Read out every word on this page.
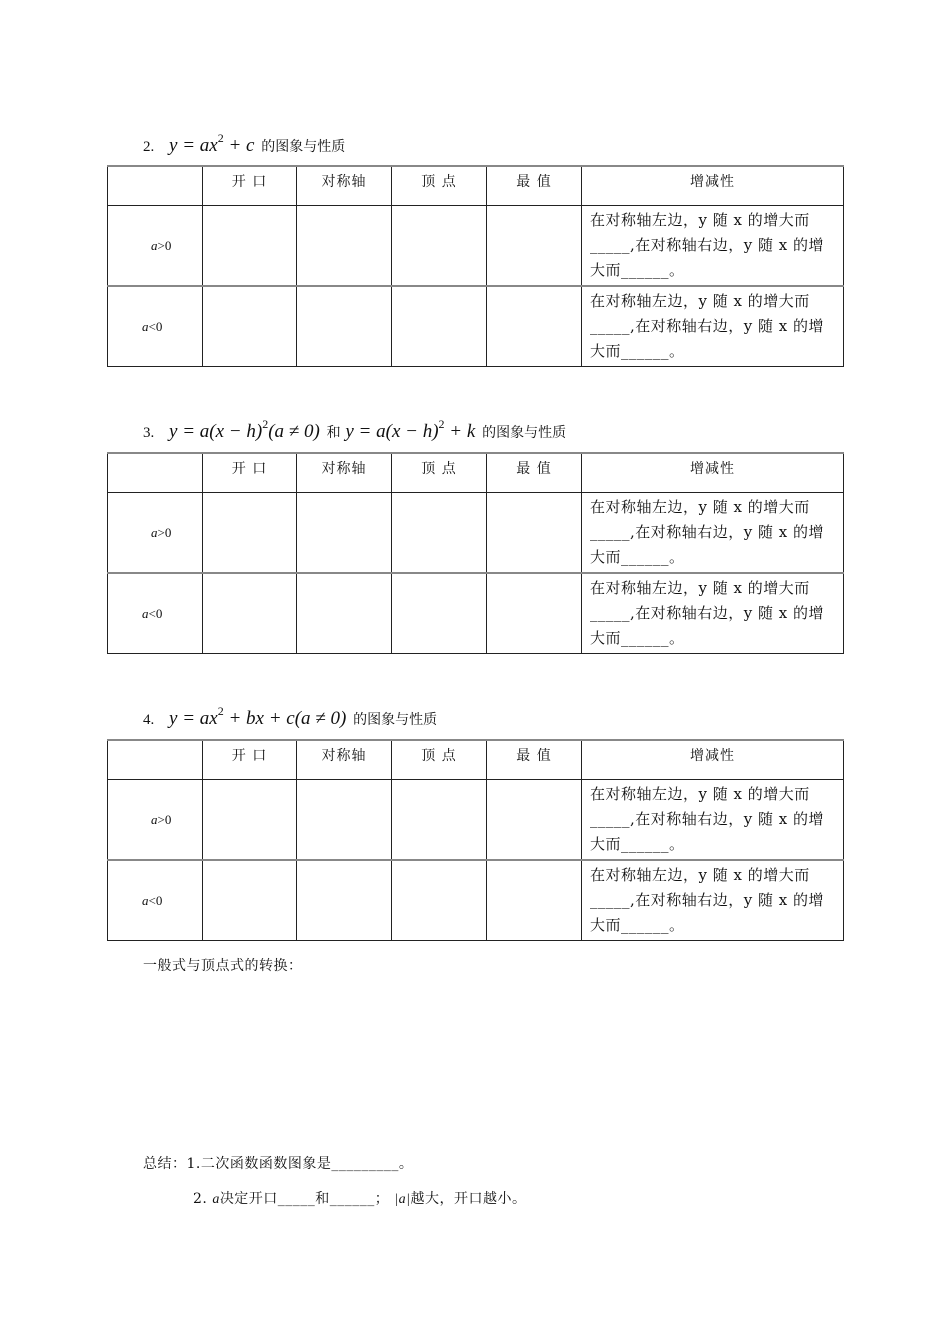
2. $y = ax^2 + c$ 的图象与性质
	开 口	对称轴	顶 点	最 值	增减性
a>0					在对称轴左边，y 随 x 的增大而
_____,在对称轴右边，y 随 x 的增
大而______。

a<0					在对称轴左边，y 随 x 的增大而
_____,在对称轴右边，y 随 x 的增
大而______。
3. $y = a(x - h)^2(a \ne 0)$ 和 $y = a(x - h)^2 + k$ 的图象与性质
	开 口	对称轴	顶 点	最 值	增减性
a>0					在对称轴左边，y 随 x 的增大而
_____,在对称轴右边，y 随 x 的增
大而______。

a<0					在对称轴左边，y 随 x 的增大而
_____,在对称轴右边，y 随 x 的增
大而______。
4. $y = ax^2$ + bx + c(a ≠ 0) 的图象与性质
	开 口	对称轴	顶 点	最 值	增减性
a>0					在对称轴左边，y 随 x 的增大而
_____,在对称轴右边，y 随 x 的增
大而______。

a<0					在对称轴左边，y 随 x 的增大而
_____,在对称轴右边，y 随 x 的增
大而______。
一般式与顶点式的转换：
总结：1.二次函数函数图象是_________。
2. a决定开口_____和______； |a|越大，开口越小。
